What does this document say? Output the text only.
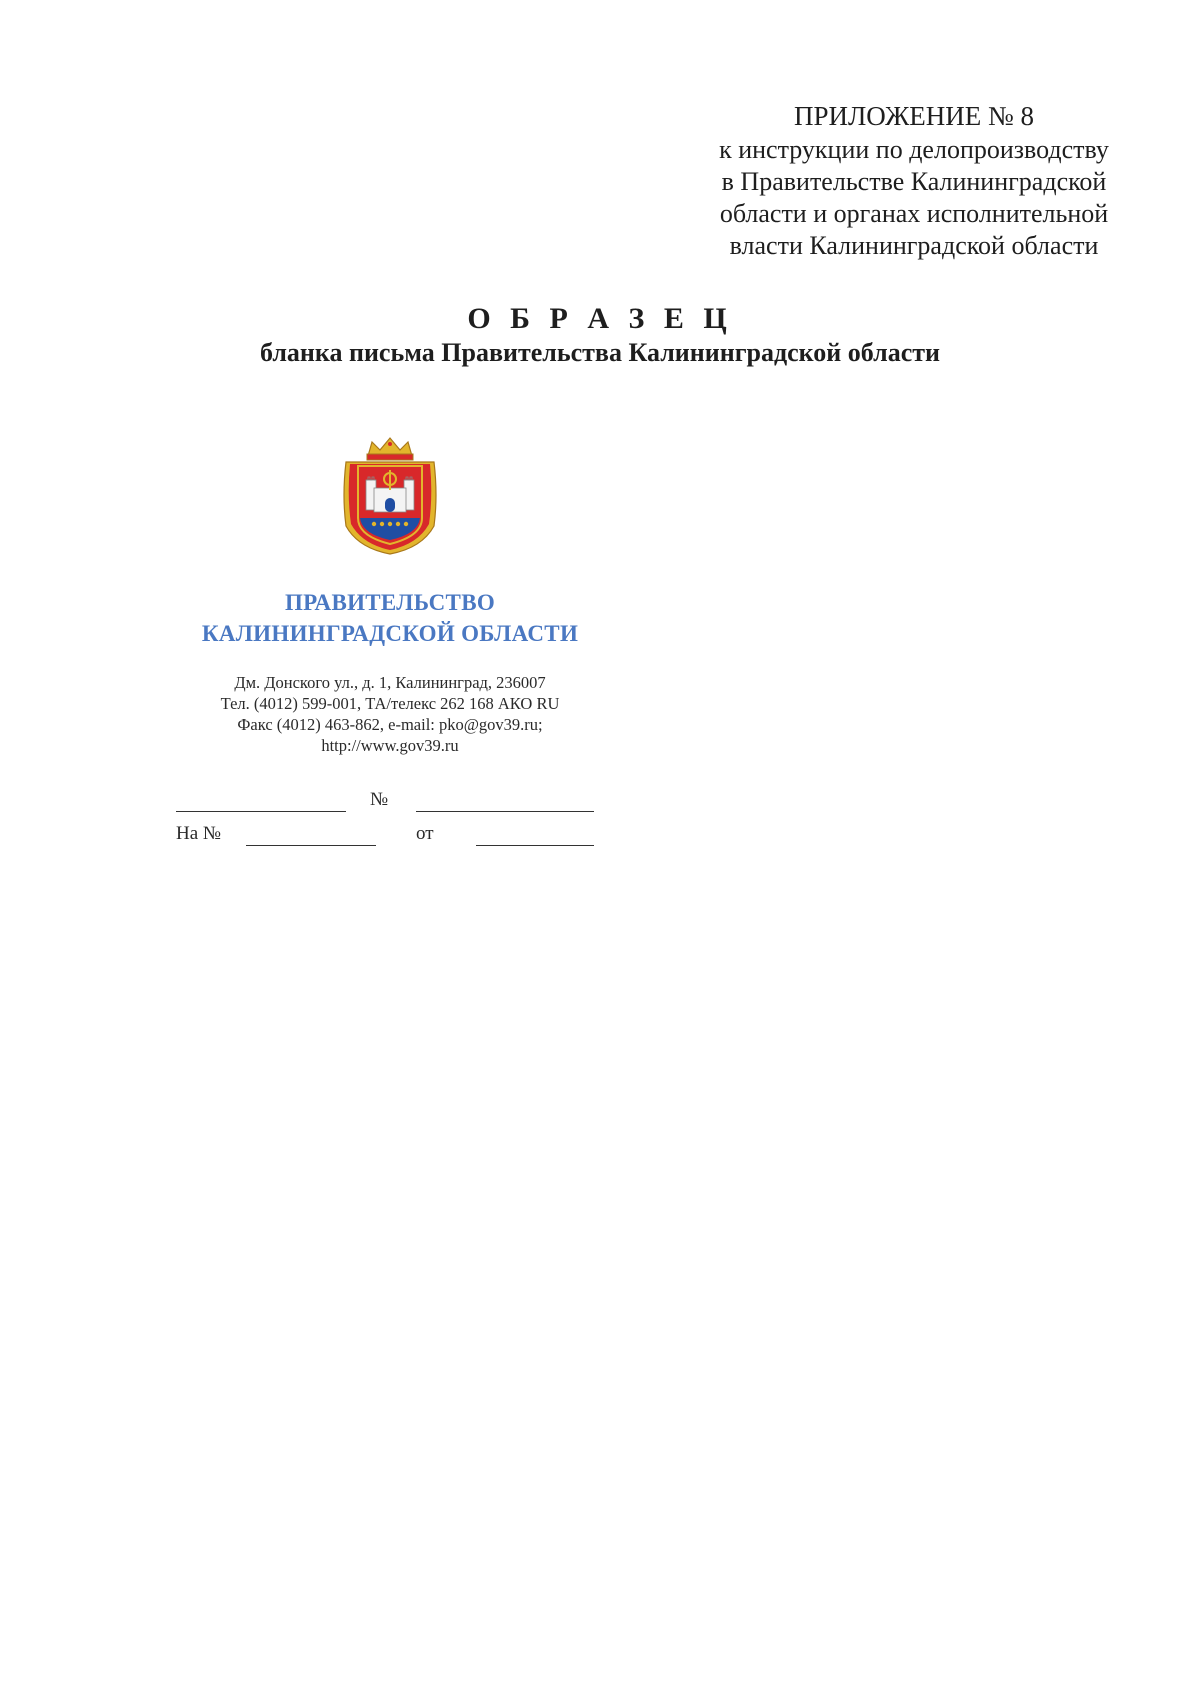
ПРИЛОЖЕНИЕ № 8
к инструкции по делопроизводству
в Правительстве Калининградской
области и органах исполнительной
власти Калининградской области
О Б Р А З Е Ц
бланка письма Правительства Калининградской области
ПРАВИТЕЛЬСТВО
КАЛИНИНГРАДСКОЙ ОБЛАСТИ
Дм. Донского ул., д. 1, Калининград, 236007
Тел. (4012) 599-001, ТА/телекс 262 168 АКО RU
Факс (4012) 463-862, e-mail: pko@gov39.ru;
http://www.gov39.ru
№
На №	от
